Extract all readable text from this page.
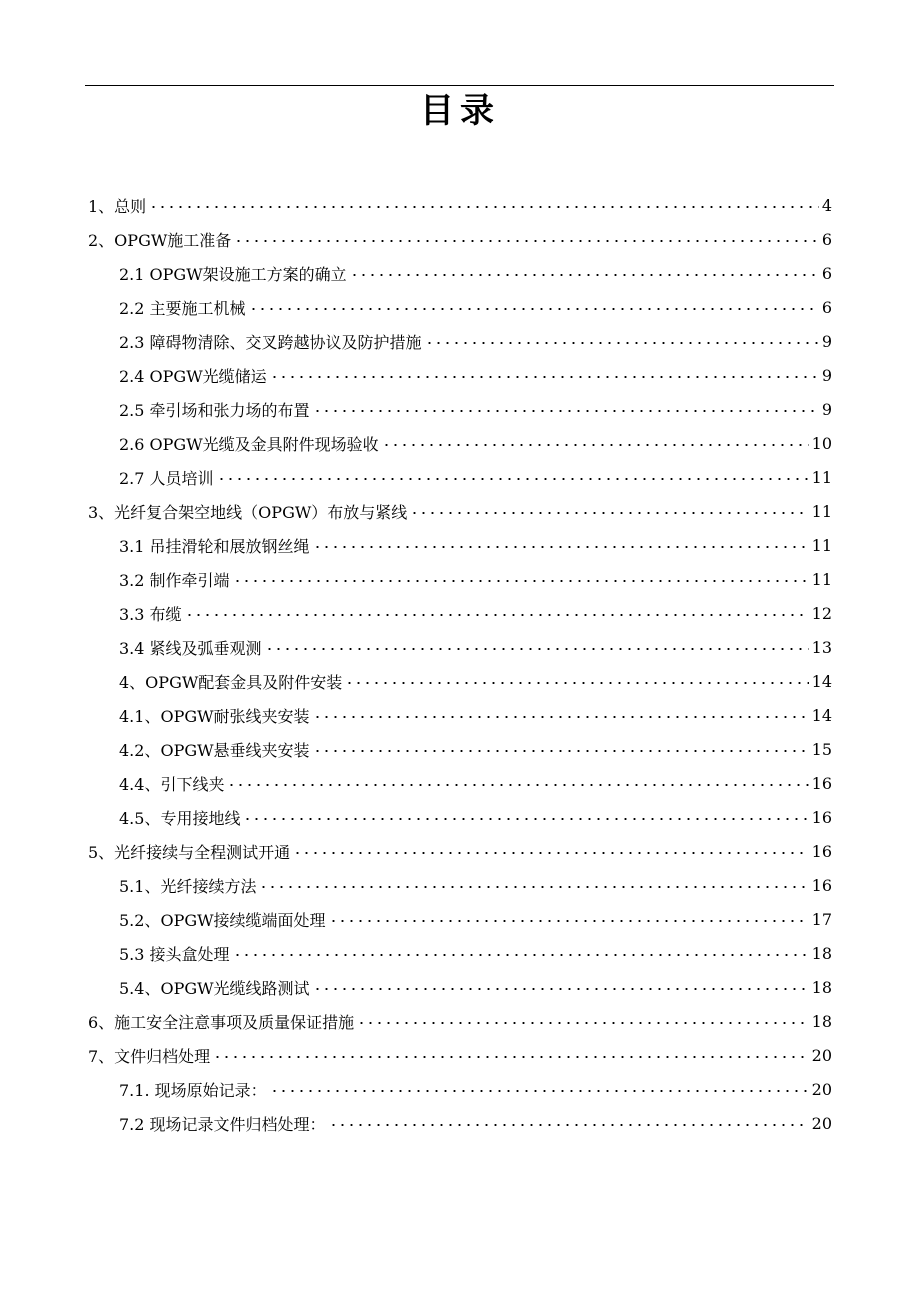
目录
1、总则	4
2、OPGW施工准备	6
2.1 OPGW架设施工方案的确立	6
2.2 主要施工机械	6
2.3 障碍物清除、交叉跨越协议及防护措施	9
2.4 OPGW光缆储运	9
2.5 牵引场和张力场的布置	9
2.6 OPGW光缆及金具附件现场验收	10
2.7 人员培训	11
3、光纤复合架空地线（OPGW）布放与紧线	11
3.1 吊挂滑轮和展放钢丝绳	11
3.2 制作牵引端	11
3.3 布缆	12
3.4 紧线及弧垂观测	13
4、OPGW配套金具及附件安装	14
4.1、OPGW耐张线夹安装	14
4.2、OPGW悬垂线夹安装	15
4.4、引下线夹	16
4.5、专用接地线	16
5、光纤接续与全程测试开通	16
5.1、光纤接续方法	16
5.2、OPGW接续缆端面处理	17
5.3 接头盒处理	18
5.4、OPGW光缆线路测试	18
6、施工安全注意事项及质量保证措施	18
7、文件归档处理	20
7.1. 现场原始记录：	20
7.2 现场记录文件归档处理：	20
